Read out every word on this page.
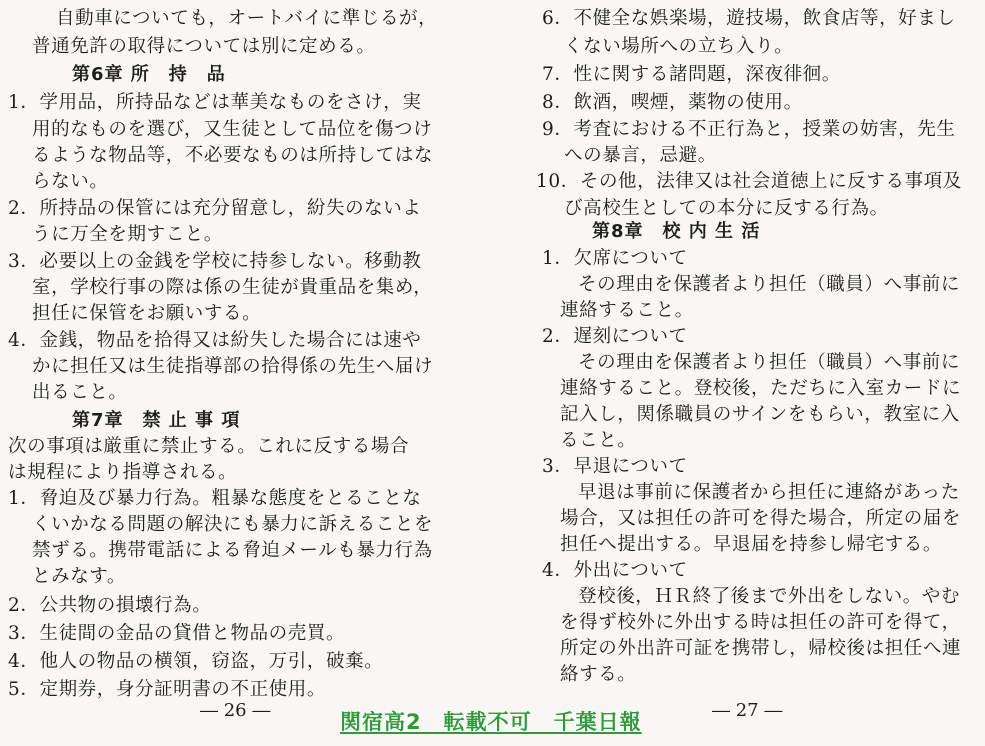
自動車についても，オートバイに準じるが，
普通免許の取得については別に定める。
第6章 所　持　品
1．学用品，所持品などは華美なものをさけ，実
用的なものを選び，又生徒として品位を傷つけ
るような物品等，不必要なものは所持してはな
らない。
2．所持品の保管には充分留意し，紛失のないよ
うに万全を期すこと。
3．必要以上の金銭を学校に持参しない。移動教
室，学校行事の際は係の生徒が貴重品を集め，
担任に保管をお願いする。
4．金銭，物品を拾得又は紛失した場合には速や
かに担任又は生徒指導部の拾得係の先生へ届け
出ること。
第7章　禁 止 事 項
次の事項は厳重に禁止する。これに反する場合
は規程により指導される。
1．脅迫及び暴力行為。粗暴な態度をとることな
くいかなる問題の解決にも暴力に訴えることを
禁ずる。携帯電話による脅迫メールも暴力行為
とみなす。
2．公共物の損壊行為。
3．生徒間の金品の貸借と物品の売買。
4．他人の物品の横領，窃盗，万引，破棄。
5．定期券，身分証明書の不正使用。
― 26 ―
6．不健全な娯楽場，遊技場，飲食店等，好まし
くない場所への立ち入り。
7．性に関する諸問題，深夜徘徊。
8．飲酒，喫煙，薬物の使用。
9．考査における不正行為と，授業の妨害，先生
への暴言，忌避。
10．その他，法律又は社会道徳上に反する事項及
び高校生としての本分に反する行為。
第8章　校 内 生 活
1．欠席について
その理由を保護者より担任（職員）へ事前に
連絡すること。
2．遅刻について
その理由を保護者より担任（職員）へ事前に
連絡すること。登校後，ただちに入室カードに
記入し，関係職員のサインをもらい，教室に入
ること。
3．早退について
早退は事前に保護者から担任に連絡があった
場合，又は担任の許可を得た場合，所定の届を
担任へ提出する。早退届を持参し帰宅する。
4．外出について
登校後，ＨＲ終了後まで外出をしない。やむ
を得ず校外に外出する時は担任の許可を得て，
所定の外出許可証を携帯し，帰校後は担任へ連
絡する。
― 27 ―
関宿高2　転載不可　千葉日報
